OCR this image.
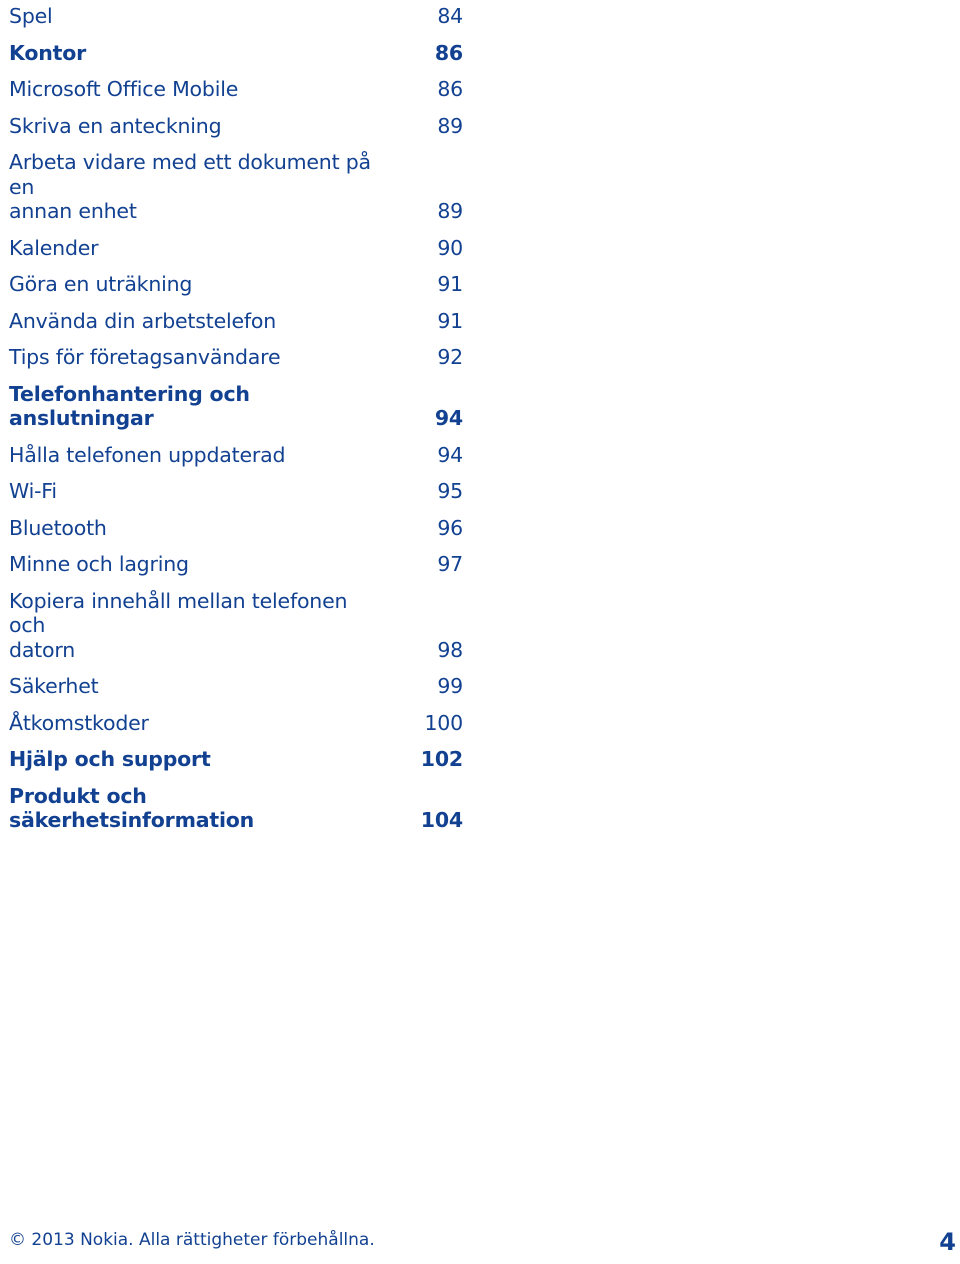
Spel	84
Kontor	86
Microsoft Office Mobile	86
Skriva en anteckning	89
Arbeta vidare med ett dokument på en
annan enhet	89
Kalender	90
Göra en uträkning	91
Använda din arbetstelefon	91
Tips för företagsanvändare	92
Telefonhantering och anslutningar	94
Hålla telefonen uppdaterad	94
Wi-Fi	95
Bluetooth	96
Minne och lagring	97
Kopiera innehåll mellan telefonen och
datorn	98
Säkerhet	99
Åtkomstkoder	100
Hjälp och support	102
Produkt och säkerhetsinformation	104
© 2013 Nokia. Alla rättigheter förbehållna.	4
